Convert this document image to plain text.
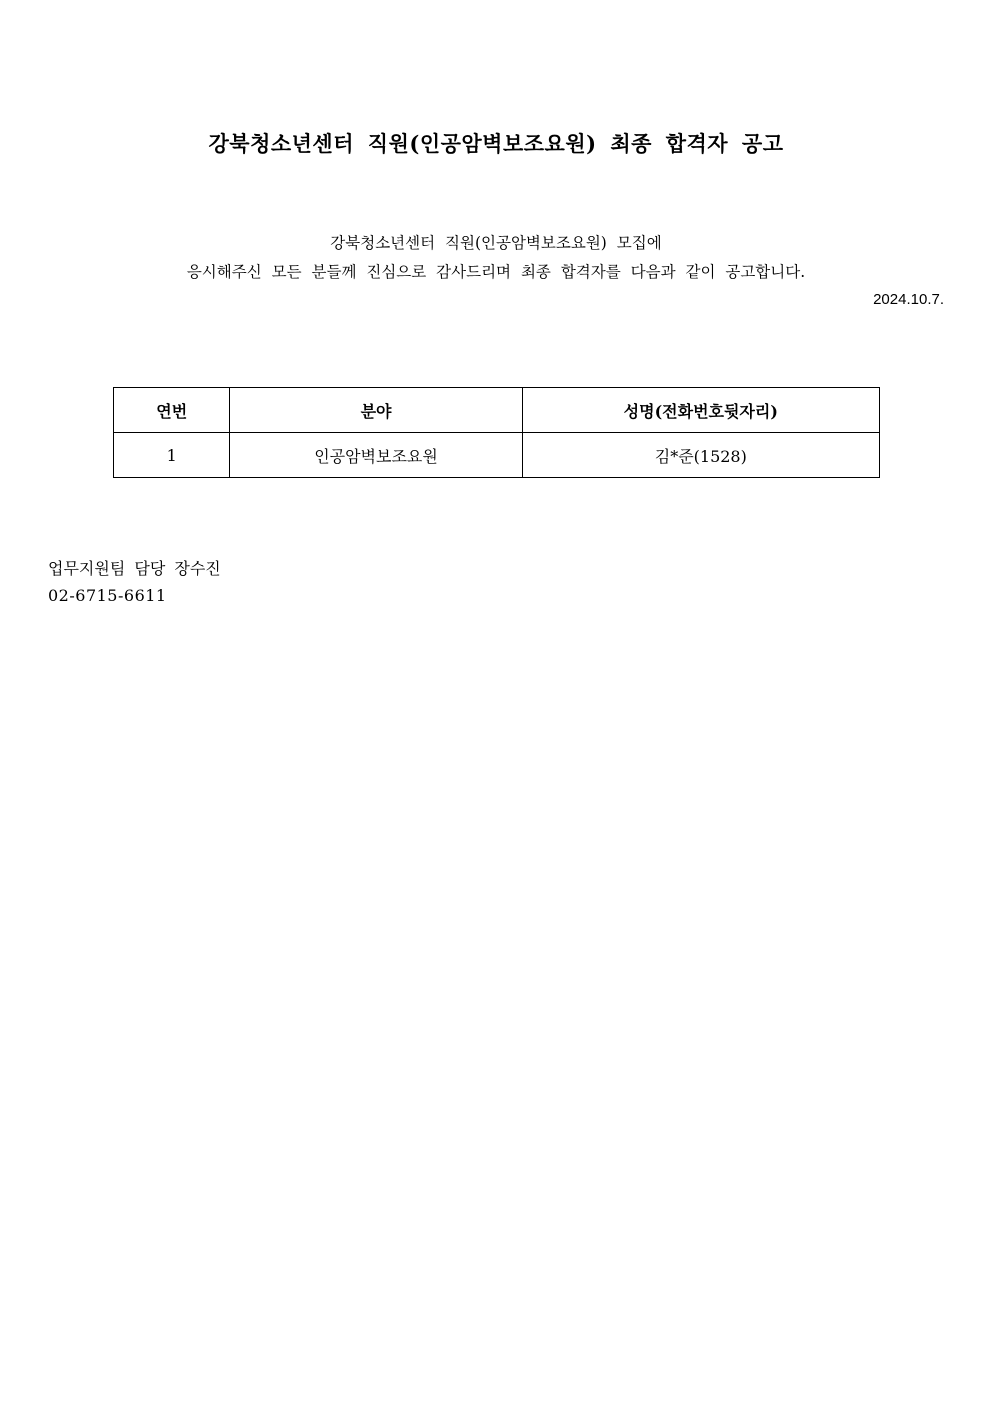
강북청소년센터 직원(인공암벽보조요원) 최종 합격자 공고
강북청소년센터 직원(인공암벽보조요원) 모집에
응시해주신 모든 분들께 진심으로 감사드리며 최종 합격자를 다음과 같이 공고합니다.
2024.10.7.
연번	분야	성명(전화번호뒷자리)
1	인공암벽보조요원	김*준(1528)
업무지원팀 담당 장수진
02-6715-6611
